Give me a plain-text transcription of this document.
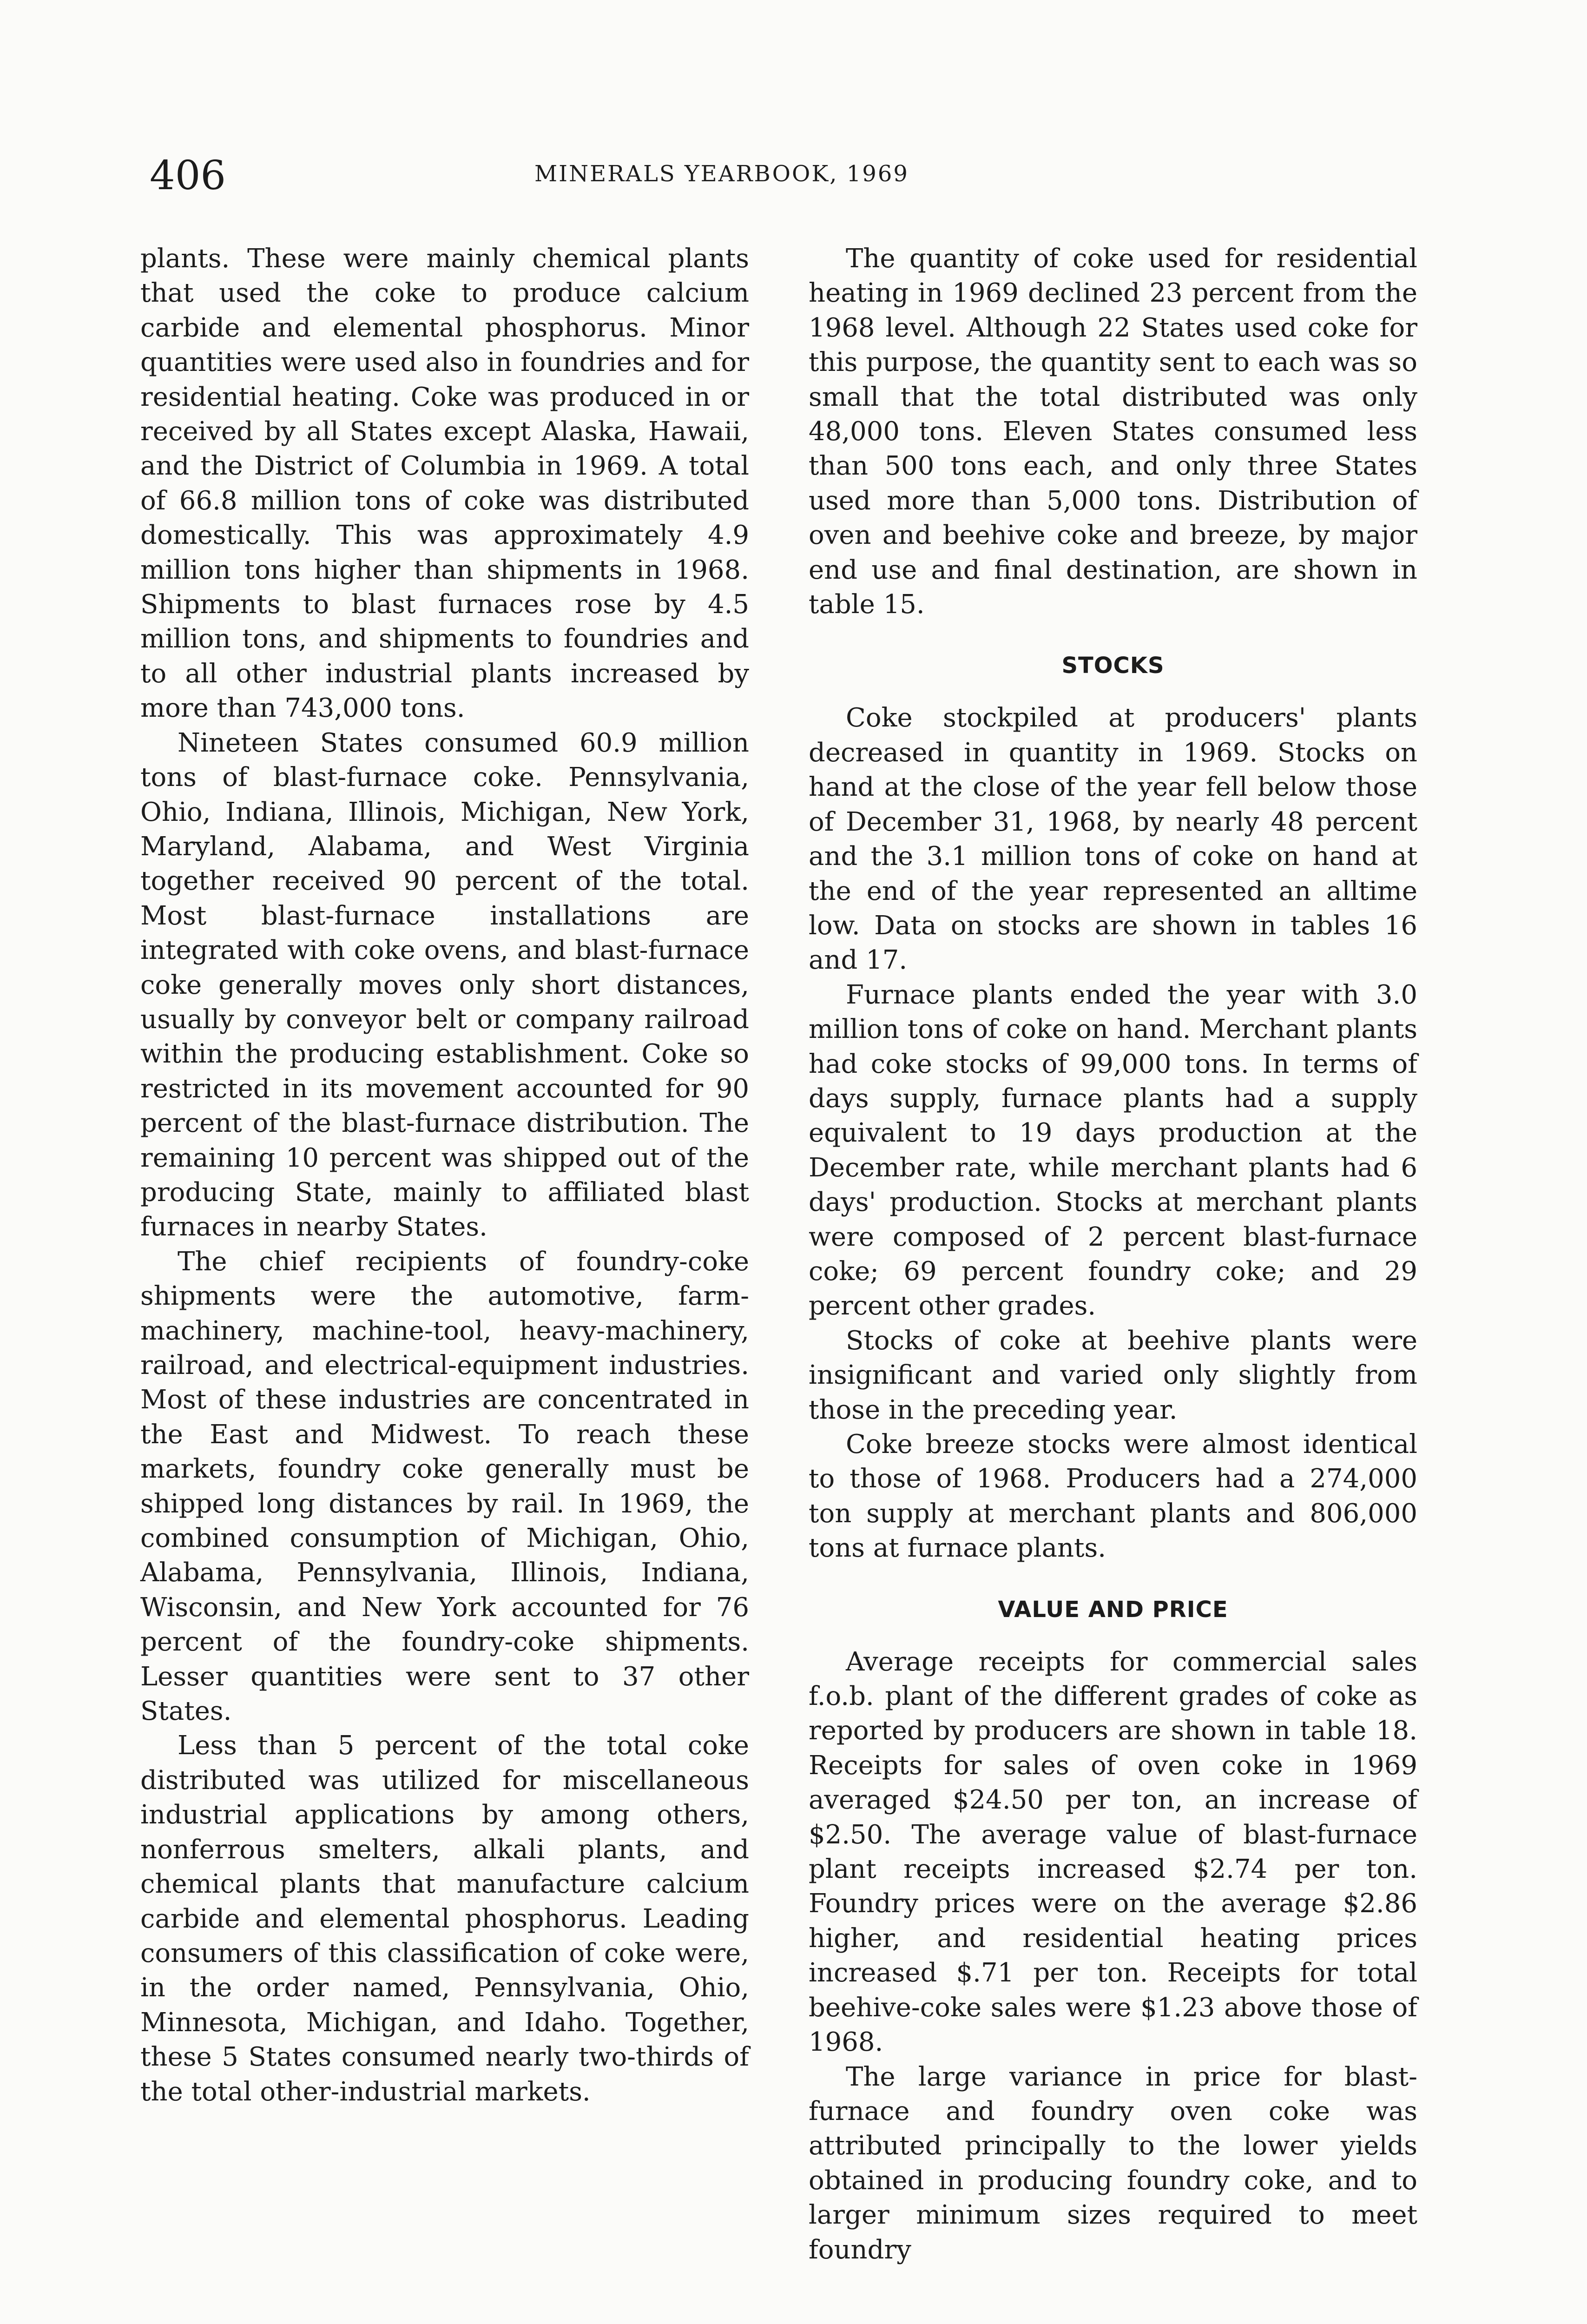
406	MINERALS YEARBOOK, 1969

plants. These were mainly chemical plants that used the coke to produce calcium carbide and elemental phosphorus. Minor quantities were used also in foundries and for residential heating. Coke was produced in or received by all States except Alaska, Hawaii, and the District of Columbia in 1969. A total of 66.8 million tons of coke was distributed domestically. This was approximately 4.9 million tons higher than shipments in 1968. Shipments to blast furnaces rose by 4.5 million tons, and shipments to foundries and to all other industrial plants increased by more than 743,000 tons.

Nineteen States consumed 60.9 million tons of blast-furnace coke. Pennsylvania, Ohio, Indiana, Illinois, Michigan, New York, Maryland, Alabama, and West Virginia together received 90 percent of the total. Most blast-furnace installations are integrated with coke ovens, and blast-furnace coke generally moves only short distances, usually by conveyor belt or company railroad within the producing establishment. Coke so restricted in its movement accounted for 90 percent of the blast-furnace distribution. The remaining 10 percent was shipped out of the producing State, mainly to affiliated blast furnaces in nearby States.

The chief recipients of foundry-coke shipments were the automotive, farm-machinery, machine-tool, heavy-machinery, railroad, and electrical-equipment industries. Most of these industries are concentrated in the East and Midwest. To reach these markets, foundry coke generally must be shipped long distances by rail. In 1969, the combined consumption of Michigan, Ohio, Alabama, Pennsylvania, Illinois, Indiana, Wisconsin, and New York accounted for 76 percent of the foundry-coke shipments. Lesser quantities were sent to 37 other States.

Less than 5 percent of the total coke distributed was utilized for miscellaneous industrial applications by among others, nonferrous smelters, alkali plants, and chemical plants that manufacture calcium carbide and elemental phosphorus. Leading consumers of this classification of coke were, in the order named, Pennsylvania, Ohio, Minnesota, Michigan, and Idaho. Together, these 5 States consumed nearly two-thirds of the total other-industrial markets.

The quantity of coke used for residential heating in 1969 declined 23 percent from the 1968 level. Although 22 States used coke for this purpose, the quantity sent to each was so small that the total distributed was only 48,000 tons. Eleven States consumed less than 500 tons each, and only three States used more than 5,000 tons. Distribution of oven and beehive coke and breeze, by major end use and final destination, are shown in table 15.

STOCKS

Coke stockpiled at producers' plants decreased in quantity in 1969. Stocks on hand at the close of the year fell below those of December 31, 1968, by nearly 48 percent and the 3.1 million tons of coke on hand at the end of the year represented an alltime low. Data on stocks are shown in tables 16 and 17.

Furnace plants ended the year with 3.0 million tons of coke on hand. Merchant plants had coke stocks of 99,000 tons. In terms of days supply, furnace plants had a supply equivalent to 19 days production at the December rate, while merchant plants had 6 days' production. Stocks at merchant plants were composed of 2 percent blast-furnace coke; 69 percent foundry coke; and 29 percent other grades.

Stocks of coke at beehive plants were insignificant and varied only slightly from those in the preceding year.

Coke breeze stocks were almost identical to those of 1968. Producers had a 274,000 ton supply at merchant plants and 806,000 tons at furnace plants.

VALUE AND PRICE

Average receipts for commercial sales f.o.b. plant of the different grades of coke as reported by producers are shown in table 18. Receipts for sales of oven coke in 1969 averaged $24.50 per ton, an increase of $2.50. The average value of blast-furnace plant receipts increased $2.74 per ton. Foundry prices were on the average $2.86 higher, and residential heating prices increased $.71 per ton. Receipts for total beehive-coke sales were $1.23 above those of 1968.

The large variance in price for blast-furnace and foundry oven coke was attributed principally to the lower yields obtained in producing foundry coke, and to larger minimum sizes required to meet foundry
